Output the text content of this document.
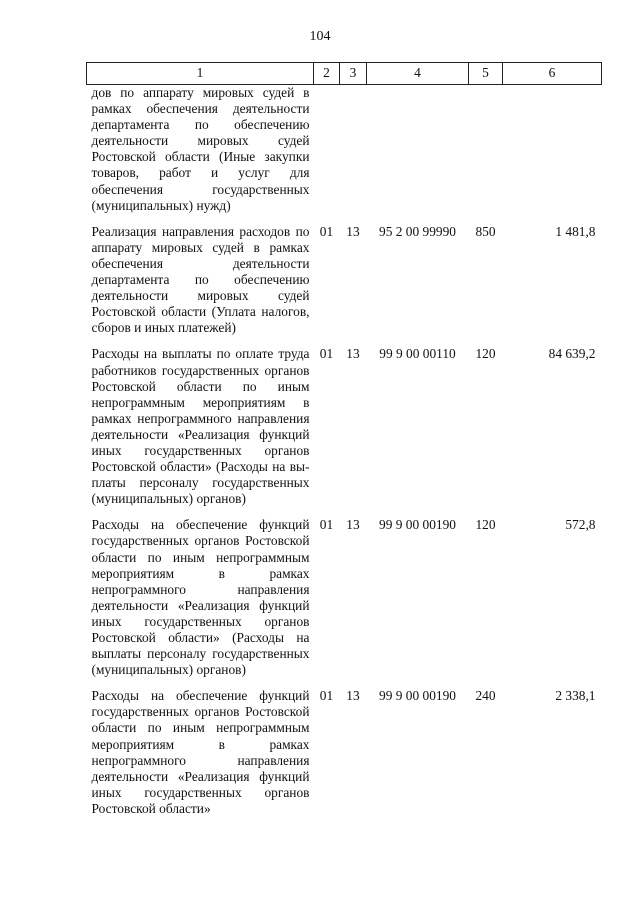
104
1	2	3	4	5	6
дов по аппарату мировых судей в рамках обеспечения деятельности департамента по обеспечению деятельности мировых судей Ростовской области (Иные закупки товаров, работ и услуг для обеспечения государственных (муниципальных) нужд)					
Реализация направления расходов по аппарату мировых судей в рамках обеспечения деятельности департамента по обеспечению деятельности мировых судей Ростовской области (Уплата налогов, сборов и иных платежей)	01	13	95 2 00 99990	850	1 481,8
Расходы на выплаты по оплате труда работников государственных органов Ростовской области по иным непрограммным мероприятиям в рамках непрограммного направления деятельности «Реализация функций иных государственных органов Ростовской области» (Расходы на выплаты персоналу государственных (муниципальных) органов)	01	13	99 9 00 00110	120	84 639,2
Расходы на обеспечение функций государственных органов Ростовской области по иным непрограммным мероприятиям в рамках непрограммного направления деятельности «Реализация функций иных государственных органов Ростовской области» (Расходы на выплаты персоналу государственных (муниципальных) органов)	01	13	99 9 00 00190	120	572,8
Расходы на обеспечение функций государственных органов Ростовской области по иным непрограммным мероприятиям в рамках непрограммного направления деятельности «Реализация функций иных государственных органов Ростовской области»	01	13	99 9 00 00190	240	2 338,1
